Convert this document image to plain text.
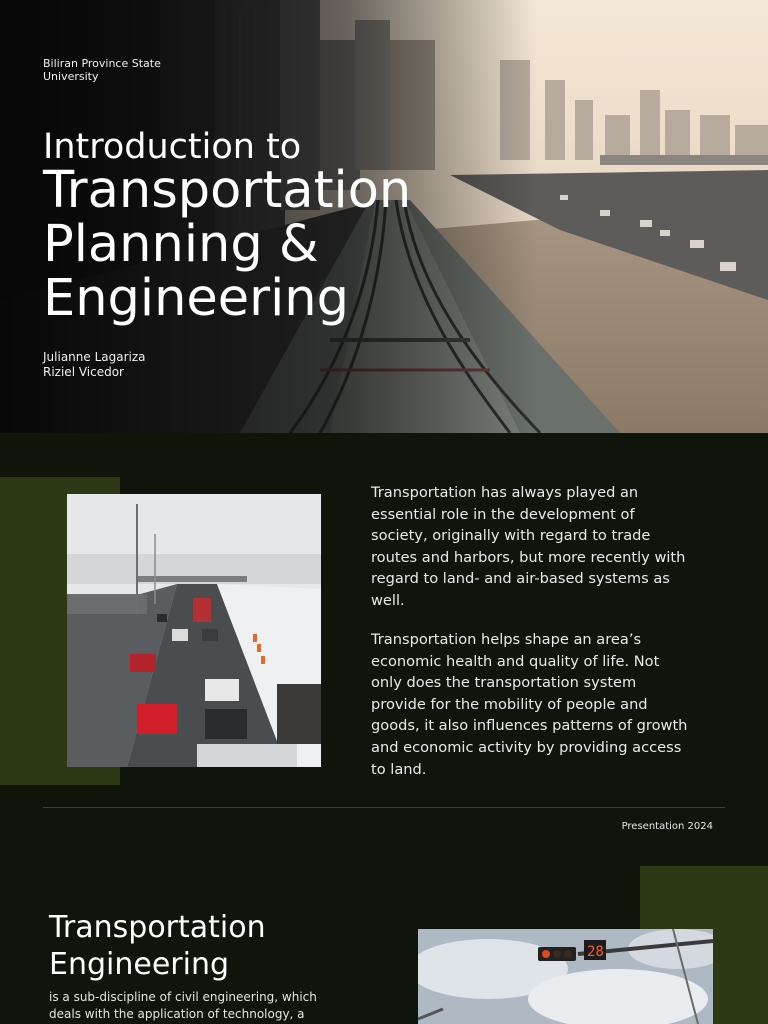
Biliran Province State University
Introduction to
Transportation Planning & Engineering
Julianne Lagariza
Riziel Vicedor
Transportation has always played an essential role in the development of society, originally with regard to trade routes and harbors, but more recently with regard to land- and air-based systems as well.
Transportation helps shape an area’s economic health and quality of life. Not only does the transportation system provide for the mobility of people and goods, it also influences patterns of growth and economic activity by providing access to land.
Presentation 2024
28
Transportation Engineering
is a sub-discipline of civil engineering, which deals with the application of technology, a
